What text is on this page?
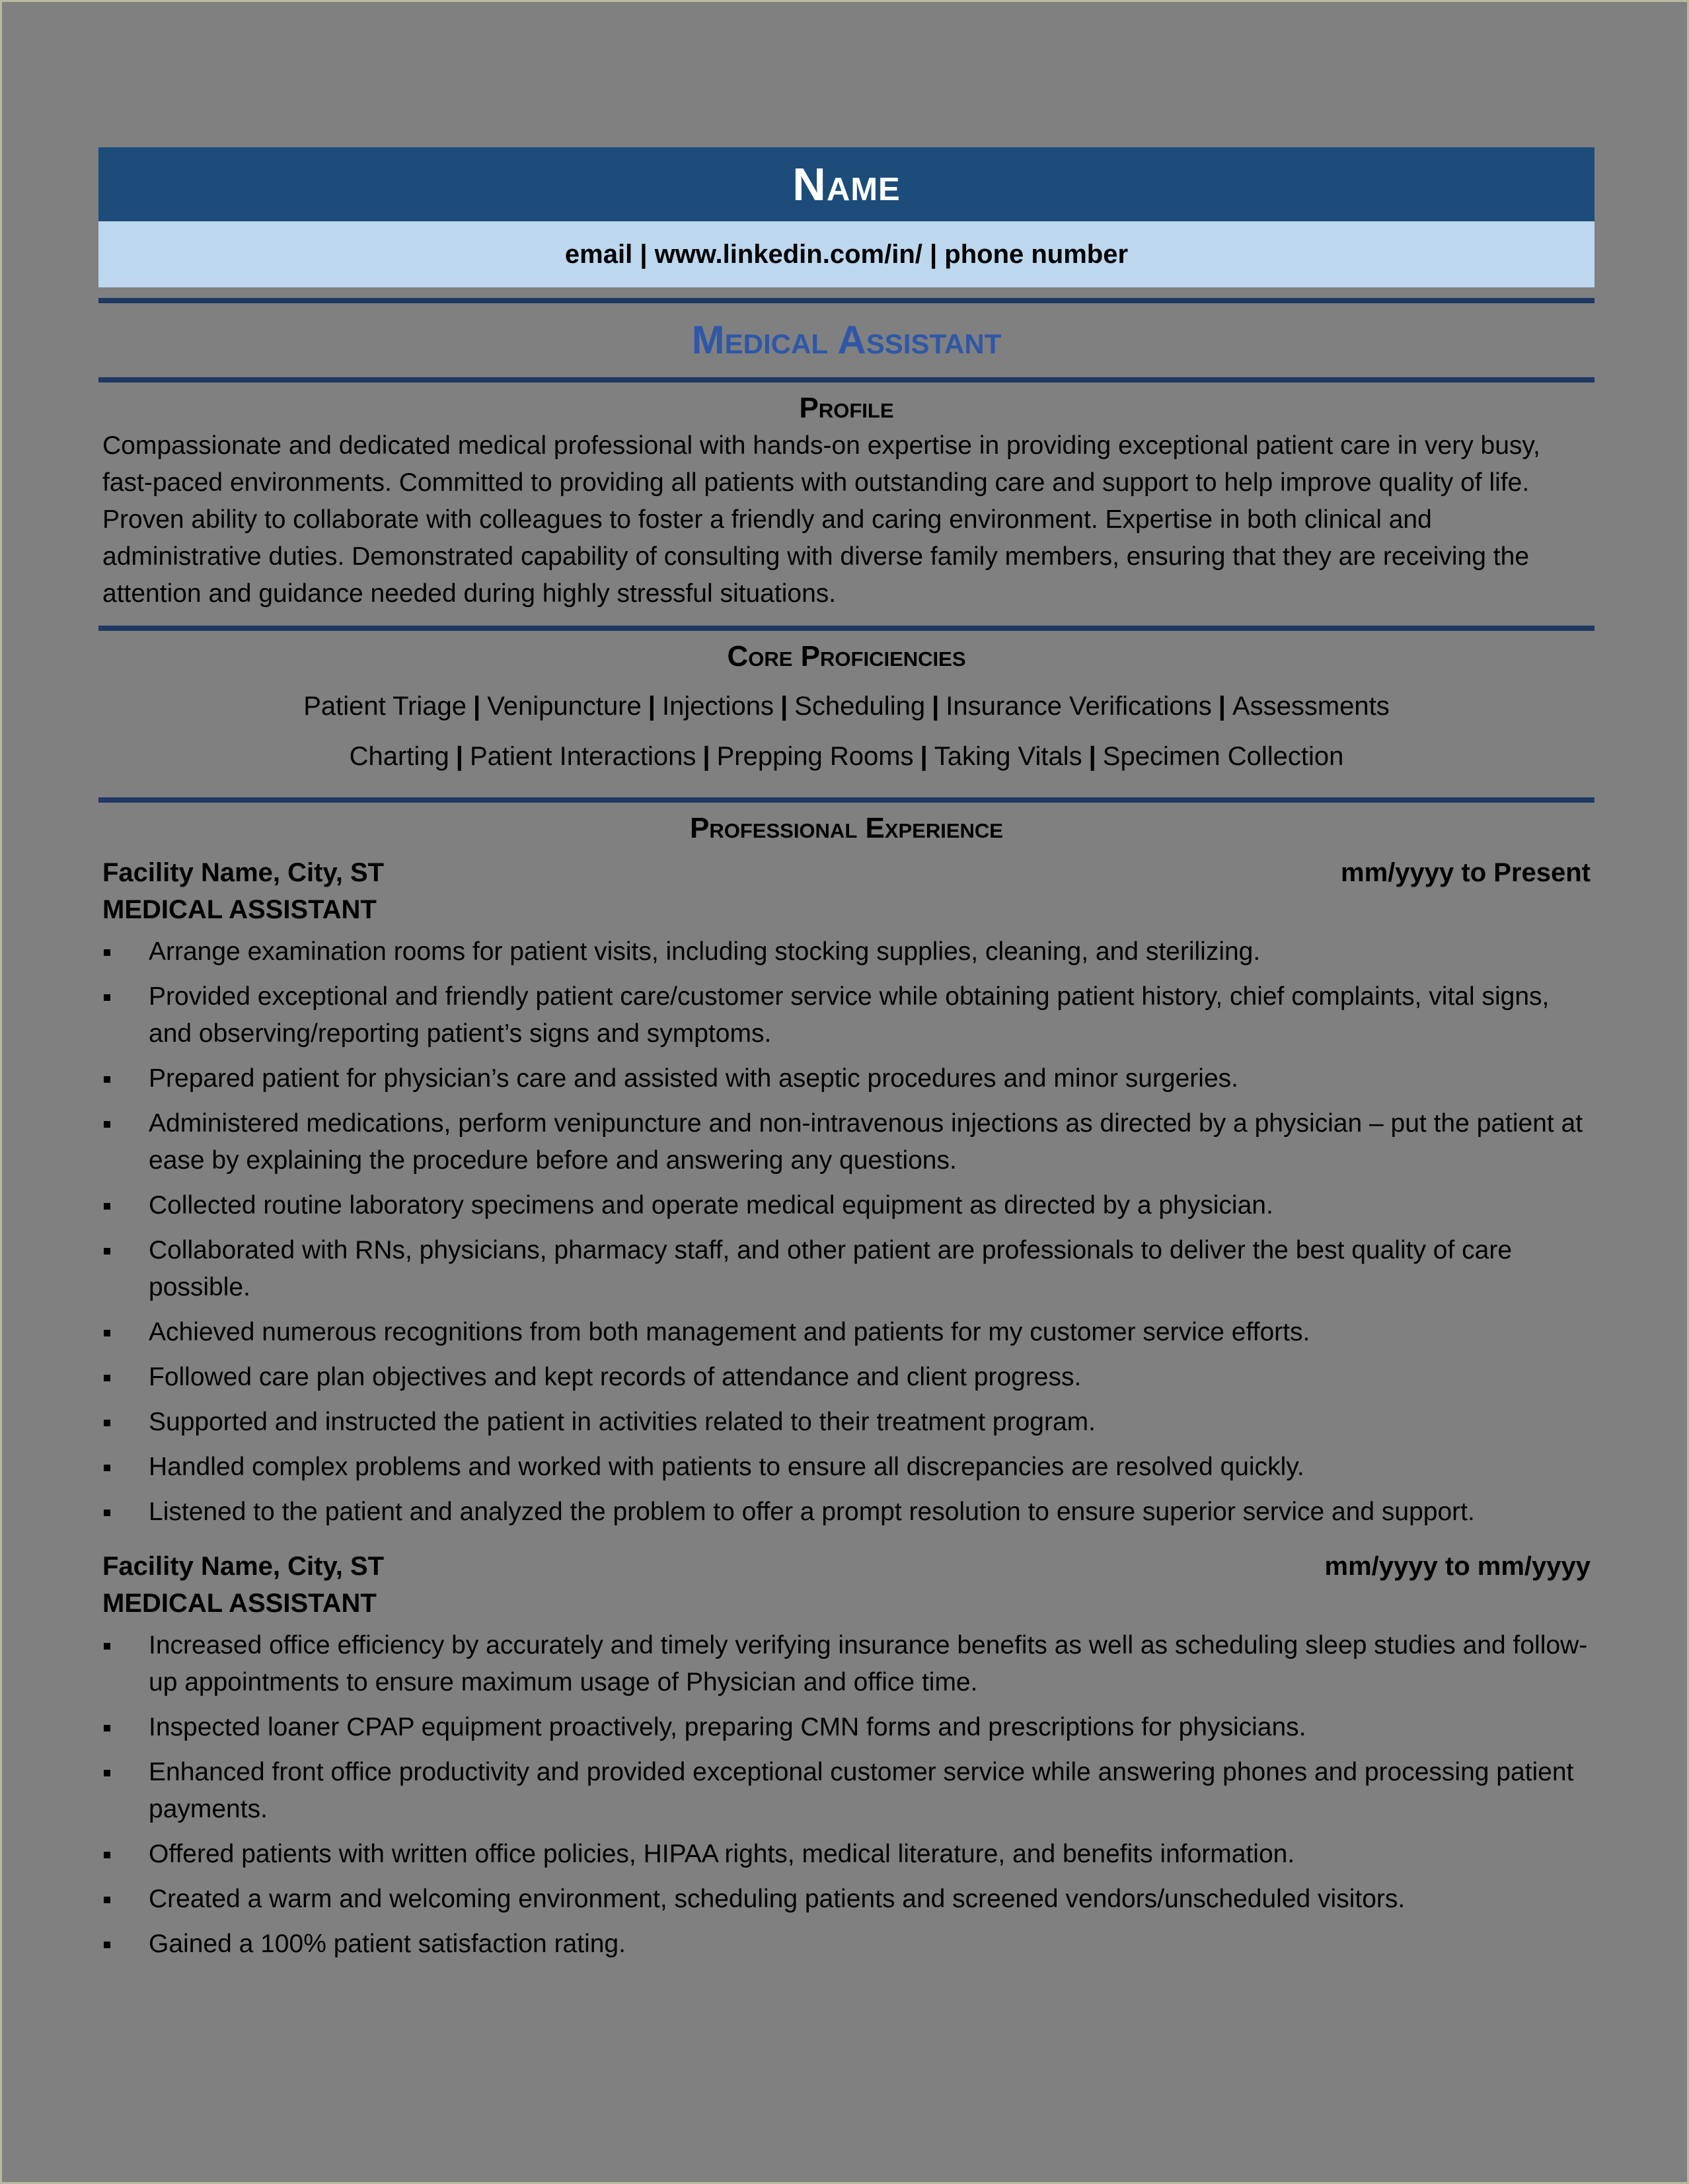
Name
email | www.linkedin.com/in/ | phone number
Medical Assistant
Profile
Compassionate and dedicated medical professional with hands-on expertise in providing exceptional patient care in very busy, fast-paced environments. Committed to providing all patients with outstanding care and support to help improve quality of life. Proven ability to collaborate with colleagues to foster a friendly and caring environment. Expertise in both clinical and administrative duties. Demonstrated capability of consulting with diverse family members, ensuring that they are receiving the attention and guidance needed during highly stressful situations.
Core Proficiencies
Patient Triage | Venipuncture | Injections | Scheduling | Insurance Verifications | Assessments
Charting | Patient Interactions | Prepping Rooms | Taking Vitals | Specimen Collection
Professional Experience
Facility Name, City, ST	mm/yyyy to Present
MEDICAL ASSISTANT
Arrange examination rooms for patient visits, including stocking supplies, cleaning, and sterilizing.
Provided exceptional and friendly patient care/customer service while obtaining patient history, chief complaints, vital signs, and observing/reporting patient’s signs and symptoms.
Prepared patient for physician’s care and assisted with aseptic procedures and minor surgeries.
Administered medications, perform venipuncture and non-intravenous injections as directed by a physician – put the patient at ease by explaining the procedure before and answering any questions.
Collected routine laboratory specimens and operate medical equipment as directed by a physician.
Collaborated with RNs, physicians, pharmacy staff, and other patient are professionals to deliver the best quality of care possible.
Achieved numerous recognitions from both management and patients for my customer service efforts.
Followed care plan objectives and kept records of attendance and client progress.
Supported and instructed the patient in activities related to their treatment program.
Handled complex problems and worked with patients to ensure all discrepancies are resolved quickly.
Listened to the patient and analyzed the problem to offer a prompt resolution to ensure superior service and support.
Facility Name, City, ST	mm/yyyy to mm/yyyy
MEDICAL ASSISTANT
Increased office efficiency by accurately and timely verifying insurance benefits as well as scheduling sleep studies and follow-up appointments to ensure maximum usage of Physician and office time.
Inspected loaner CPAP equipment proactively, preparing CMN forms and prescriptions for physicians.
Enhanced front office productivity and provided exceptional customer service while answering phones and processing patient payments.
Offered patients with written office policies, HIPAA rights, medical literature, and benefits information.
Created a warm and welcoming environment, scheduling patients and screened vendors/unscheduled visitors.
Gained a 100% patient satisfaction rating.
